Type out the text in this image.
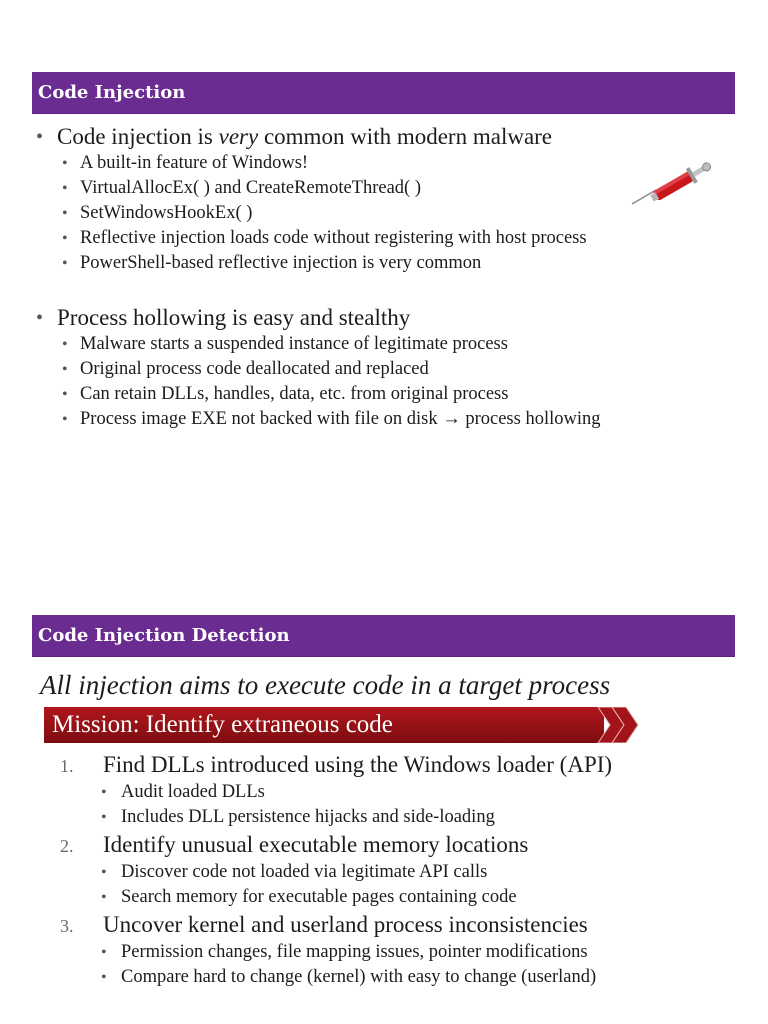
Code Injection
• Code injection is very common with modern malware
• A built-in feature of Windows!
• VirtualAllocEx( ) and CreateRemoteThread( )
• SetWindowsHookEx( )
• Reflective injection loads code without registering with host process
• PowerShell-based reflective injection is very common
• Process hollowing is easy and stealthy
• Malware starts a suspended instance of legitimate process
• Original process code deallocated and replaced
• Can retain DLLs, handles, data, etc. from original process
• Process image EXE not backed with file on disk → process hollowing
Code Injection Detection
All injection aims to execute code in a target process
Mission: Identify extraneous code
1. Find DLLs introduced using the Windows loader (API)
• Audit loaded DLLs
• Includes DLL persistence hijacks and side-loading
2. Identify unusual executable memory locations
• Discover code not loaded via legitimate API calls
• Search memory for executable pages containing code
3. Uncover kernel and userland process inconsistencies
• Permission changes, file mapping issues, pointer modifications
• Compare hard to change (kernel) with easy to change (userland)
